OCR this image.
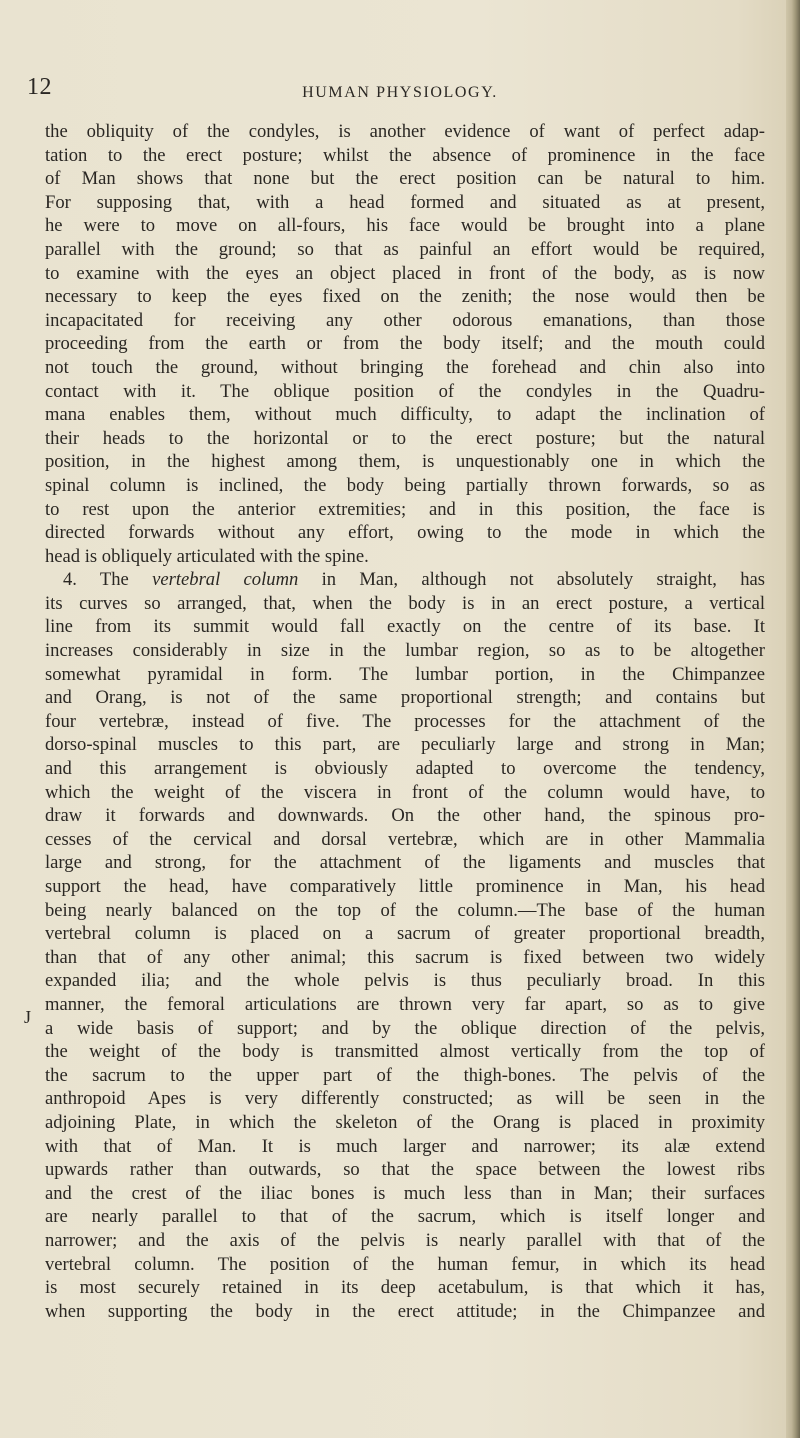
12	HUMAN PHYSIOLOGY.
J
the obliquity of the condyles, is another evidence of want of perfect adap-
tation to the erect posture; whilst the absence of prominence in the face
of Man shows that none but the erect position can be natural to him.
For supposing that, with a head formed and situated as at present,
he were to move on all-fours, his face would be brought into a plane
parallel with the ground; so that as painful an effort would be required,
to examine with the eyes an object placed in front of the body, as is now
necessary to keep the eyes fixed on the zenith; the nose would then be
incapacitated for receiving any other odorous emanations, than those
proceeding from the earth or from the body itself; and the mouth could
not touch the ground, without bringing the forehead and chin also into
contact with it. The oblique position of the condyles in the Quadru-
mana enables them, without much difficulty, to adapt the inclination of
their heads to the horizontal or to the erect posture; but the natural
position, in the highest among them, is unquestionably one in which the
spinal column is inclined, the body being partially thrown forwards, so as
to rest upon the anterior extremities; and in this position, the face is
directed forwards without any effort, owing to the mode in which the
head is obliquely articulated with the spine.
4. The vertebral column in Man, although not absolutely straight, has
its curves so arranged, that, when the body is in an erect posture, a vertical
line from its summit would fall exactly on the centre of its base. It
increases considerably in size in the lumbar region, so as to be altogether
somewhat pyramidal in form. The lumbar portion, in the Chimpanzee
and Orang, is not of the same proportional strength; and contains but
four vertebræ, instead of five. The processes for the attachment of the
dorso-spinal muscles to this part, are peculiarly large and strong in Man;
and this arrangement is obviously adapted to overcome the tendency,
which the weight of the viscera in front of the column would have, to
draw it forwards and downwards. On the other hand, the spinous pro-
cesses of the cervical and dorsal vertebræ, which are in other Mammalia
large and strong, for the attachment of the ligaments and muscles that
support the head, have comparatively little prominence in Man, his head
being nearly balanced on the top of the column.—The base of the human
vertebral column is placed on a sacrum of greater proportional breadth,
than that of any other animal; this sacrum is fixed between two widely
expanded ilia; and the whole pelvis is thus peculiarly broad. In this
manner, the femoral articulations are thrown very far apart, so as to give
a wide basis of support; and by the oblique direction of the pelvis,
the weight of the body is transmitted almost vertically from the top of
the sacrum to the upper part of the thigh-bones. The pelvis of the
anthropoid Apes is very differently constructed; as will be seen in the
adjoining Plate, in which the skeleton of the Orang is placed in proximity
with that of Man. It is much larger and narrower; its alæ extend
upwards rather than outwards, so that the space between the lowest ribs
and the crest of the iliac bones is much less than in Man; their surfaces
are nearly parallel to that of the sacrum, which is itself longer and
narrower; and the axis of the pelvis is nearly parallel with that of the
vertebral column. The position of the human femur, in which its head
is most securely retained in its deep acetabulum, is that which it has,
when supporting the body in the erect attitude; in the Chimpanzee and
